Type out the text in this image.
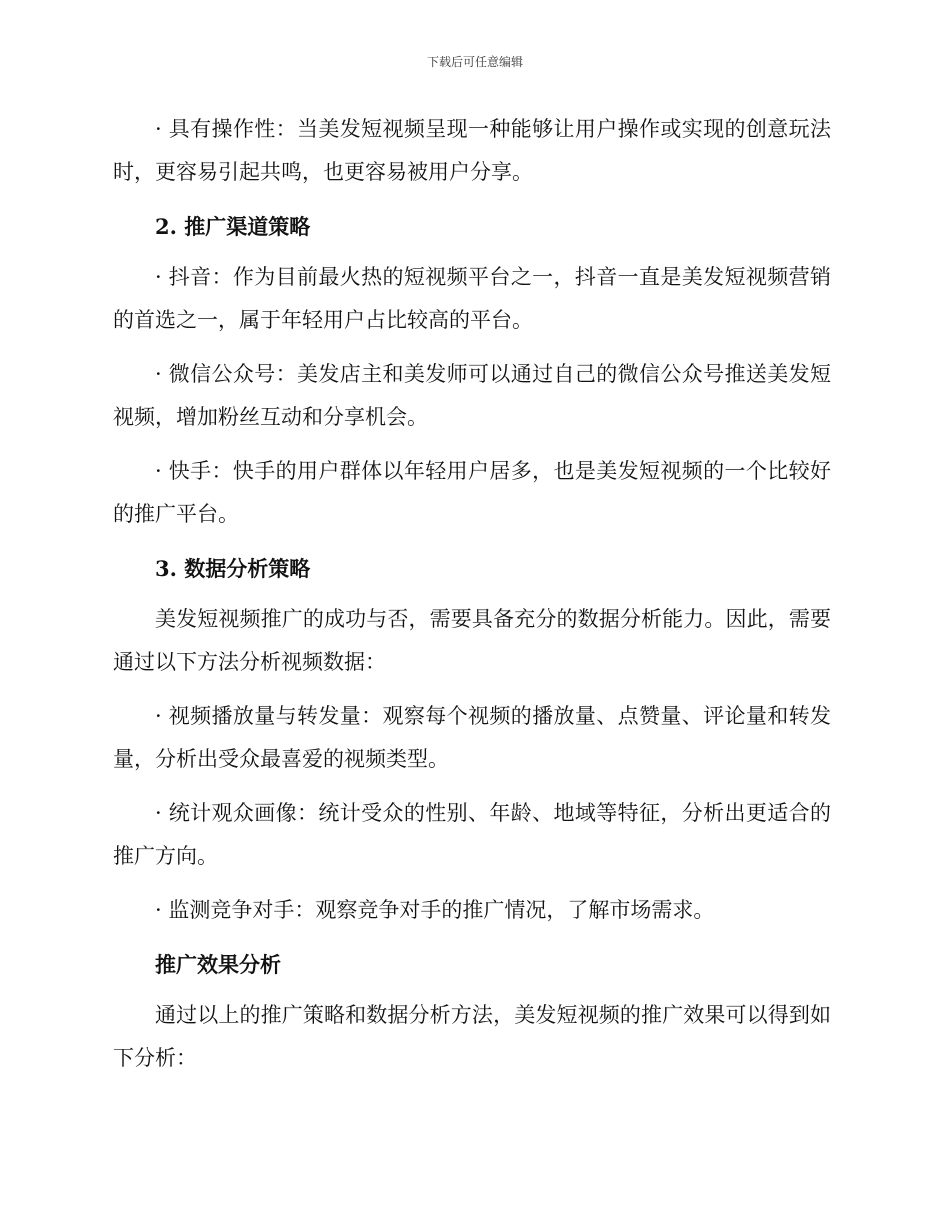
下载后可任意编辑

· 具有操作性：当美发短视频呈现一种能够让用户操作或实现的创意玩法时，更容易引起共鸣，也更容易被用户分享。

2. 推广渠道策略

· 抖音：作为目前最火热的短视频平台之一，抖音一直是美发短视频营销的首选之一，属于年轻用户占比较高的平台。

· 微信公众号：美发店主和美发师可以通过自己的微信公众号推送美发短视频，增加粉丝互动和分享机会。

· 快手：快手的用户群体以年轻用户居多，也是美发短视频的一个比较好的推广平台。

3. 数据分析策略

美发短视频推广的成功与否，需要具备充分的数据分析能力。因此，需要通过以下方法分析视频数据：

· 视频播放量与转发量：观察每个视频的播放量、点赞量、评论量和转发量，分析出受众最喜爱的视频类型。

· 统计观众画像：统计受众的性别、年龄、地域等特征，分析出更适合的推广方向。

· 监测竞争对手：观察竞争对手的推广情况，了解市场需求。

推广效果分析

通过以上的推广策略和数据分析方法，美发短视频的推广效果可以得到如下分析：
